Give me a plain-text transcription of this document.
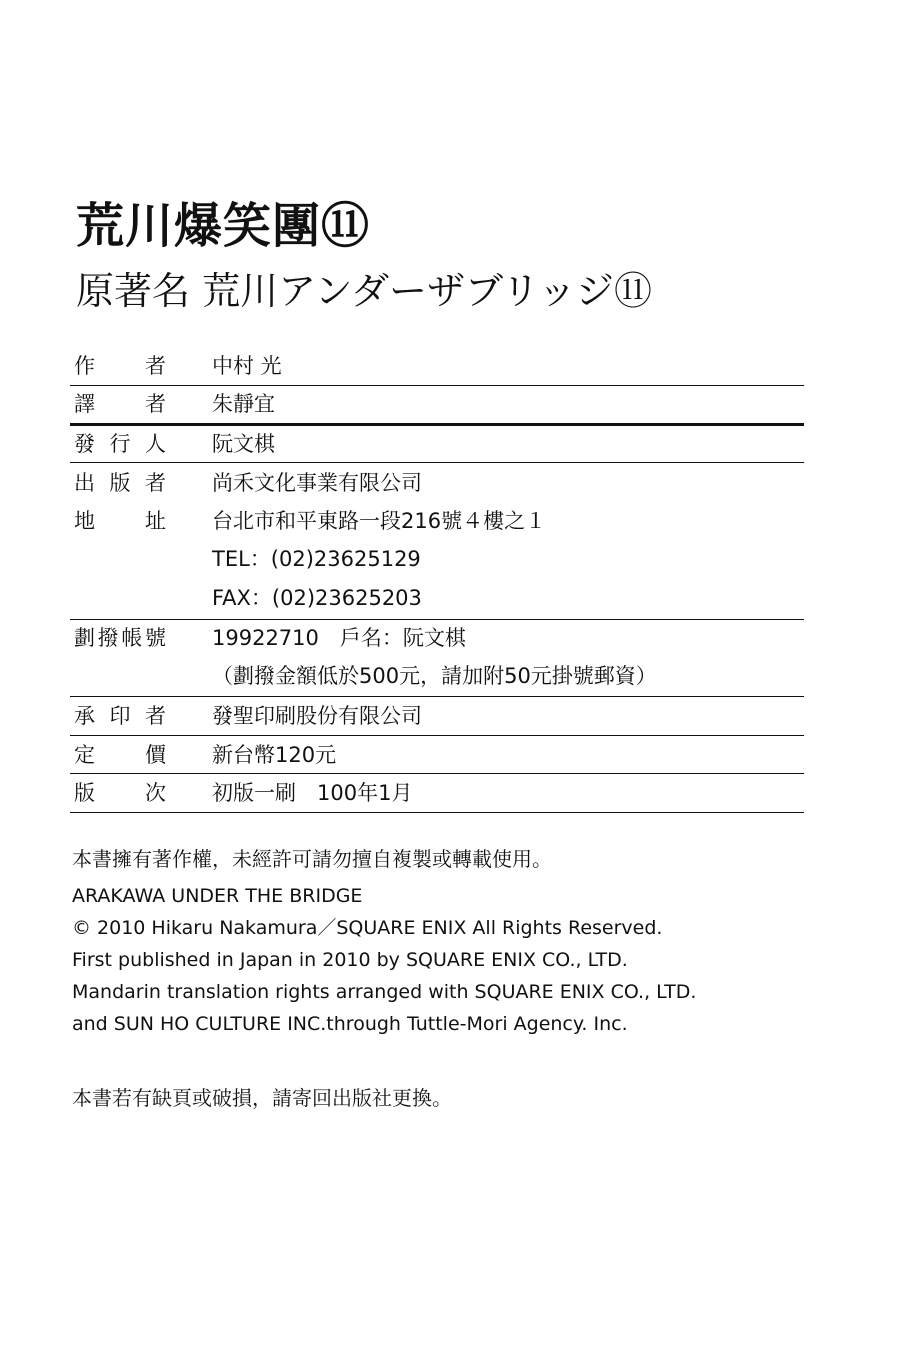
荒川爆笑團⑪
原著名 荒川アンダーザブリッジ⑪
作　者 中村 光
譯　者 朱靜宜
發 行 人 阮文棋
出 版 者 尚禾文化事業有限公司
地　址 台北市和平東路一段216號４樓之１
TEL：(02)23625129
FAX：(02)23625203
劃撥帳號 19922710　戶名：阮文棋
（劃撥金額低於500元，請加附50元掛號郵資）
承 印 者 發聖印刷股份有限公司
定　價 新台幣120元
版　次 初版一刷　100年1月
本書擁有著作權，未經許可請勿擅自複製或轉載使用。
ARAKAWA UNDER THE BRIDGE
© 2010 Hikaru Nakamura／SQUARE ENIX All Rights Reserved.
First published in Japan in 2010 by SQUARE ENIX CO., LTD.
Mandarin translation rights arranged with SQUARE ENIX CO., LTD.
and SUN HO CULTURE INC.through Tuttle-Mori Agency. Inc.
本書若有缺頁或破損，請寄回出版社更換。
